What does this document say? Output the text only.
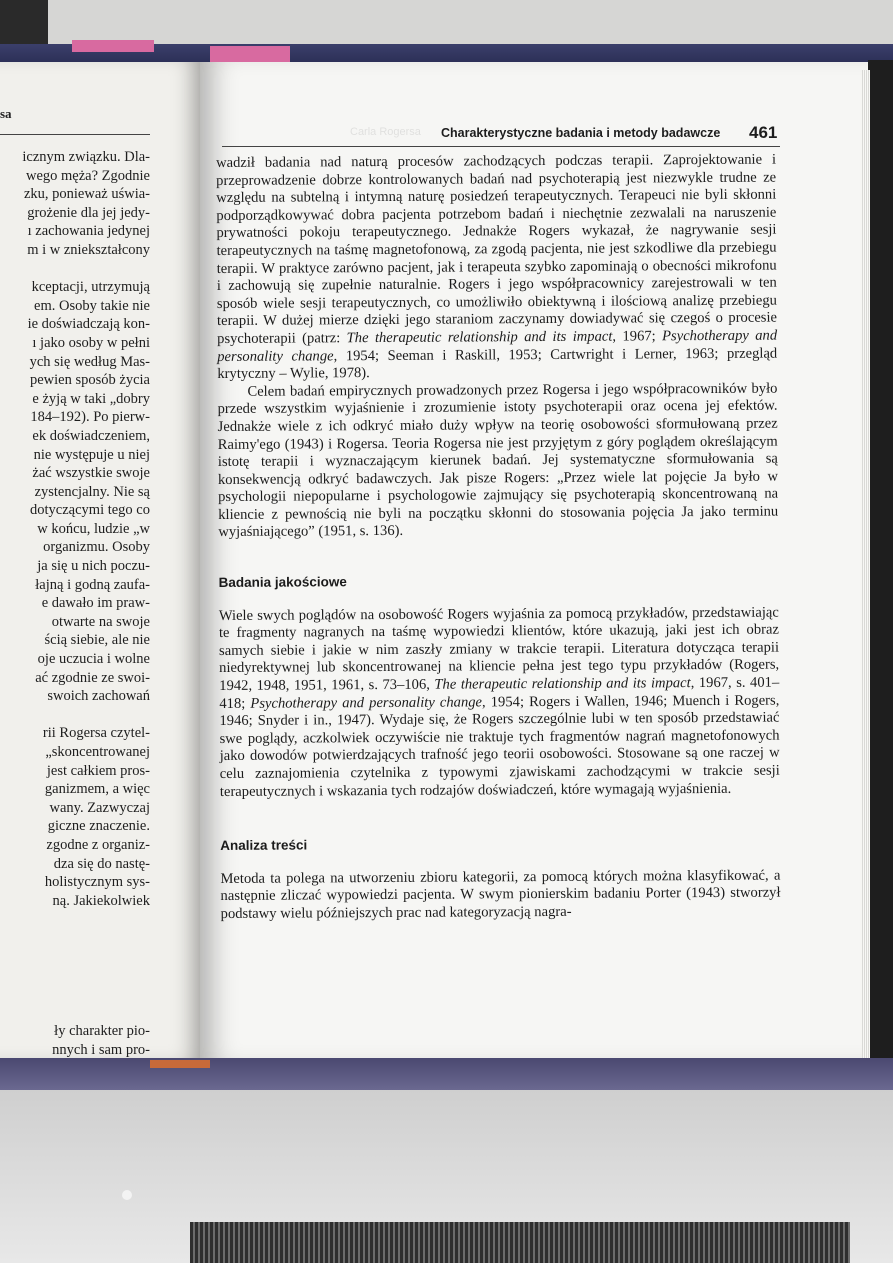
sa
icznym związku. Dla-
wego męża? Zgodnie
zku, ponieważ uświa-
grożenie dla jej jedy-
ı zachowania jedynej
m i w zniekształcony

kceptacji, utrzymują
em. Osoby takie nie
ie doświadczają kon-
ı jako osoby w pełni
ych się według Mas-
pewien sposób życia
e żyją w taki „dobry
184–192). Po pierw-
ek doświadczeniem,
nie występuje u niej
żać wszystkie swoje
zystencjalny. Nie są
dotyczącymi tego co
w końcu, ludzie „w
organizmu. Osoby
ja się u nich poczu-
łajną i godną zaufa-
e dawało im praw-
otwarte na swoje
ścią siebie, ale nie
oje uczucia i wolne
ać zgodnie ze swoi-
swoich zachowań

rii Rogersa czytel-
„skoncentrowanej
jest całkiem pros-
ganizmem, a więc
wany. Zazwyczaj
giczne znaczenie.
zgodne z organiz-
dza się do nastę-
holistycznym sys-
ną. Jakiekolwiek

ły charakter pio-
nnych i sam pro-
Carla Rogersa Charakterystyczne badania i metody badawcze 461

wadził badania nad naturą procesów zachodzących podczas terapii. Zaprojektowanie i przeprowadzenie dobrze kontrolowanych badań nad psychoterapią jest niezwykle trudne ze względu na subtelną i intymną naturę posiedzeń terapeutycznych. Terapeuci nie byli skłonni podporządkowywać dobra pacjenta potrzebom badań i niechętnie zezwalali na naruszenie prywatności pokoju terapeutycznego. Jednakże Rogers wykazał, że nagrywanie sesji terapeutycznych na taśmę magnetofonową, za zgodą pacjenta, nie jest szkodliwe dla przebiegu terapii. W praktyce zarówno pacjent, jak i terapeuta szybko zapominają o obecności mikrofonu i zachowują się zupełnie naturalnie. Rogers i jego współpracownicy zarejestrowali w ten sposób wiele sesji terapeutycznych, co umożliwiło obiektywną i ilościową analizę przebiegu terapii. W dużej mierze dzięki jego staraniom zaczynamy dowiadywać się czegoś o procesie psychoterapii (patrz: The therapeutic relationship and its impact, 1967; Psychotherapy and personality change, 1954; Seeman i Raskill, 1953; Cartwright i Lerner, 1963; przegląd krytyczny – Wylie, 1978).

Celem badań empirycznych prowadzonych przez Rogersa i jego współpracowników było przede wszystkim wyjaśnienie i zrozumienie istoty psychoterapii oraz ocena jej efektów. Jednakże wiele z ich odkryć miało duży wpływ na teorię osobowości sformułowaną przez Raimy'ego (1943) i Rogersa. Teoria Rogersa nie jest przyjętym z góry poglądem określającym istotę terapii i wyznaczającym kierunek badań. Jej systematyczne sformułowania są konsekwencją odkryć badawczych. Jak pisze Rogers: „Przez wiele lat pojęcie Ja było w psychologii niepopularne i psychologowie zajmujący się psychoterapią skoncentrowaną na kliencie z pewnością nie byli na początku skłonni do stosowania pojęcia Ja jako terminu wyjaśniającego” (1951, s. 136).

Badania jakościowe

Wiele swych poglądów na osobowość Rogers wyjaśnia za pomocą przykładów, przedstawiając te fragmenty nagranych na taśmę wypowiedzi klientów, które ukazują, jaki jest ich obraz samych siebie i jakie w nim zaszły zmiany w trakcie terapii. Literatura dotycząca terapii niedyrektywnej lub skoncentrowanej na kliencie pełna jest tego typu przykładów (Rogers, 1942, 1948, 1951, 1961, s. 73–106, The therapeutic relationship and its impact, 1967, s. 401–418; Psychotherapy and personality change, 1954; Rogers i Wallen, 1946; Muench i Rogers, 1946; Snyder i in., 1947). Wydaje się, że Rogers szczególnie lubi w ten sposób przedstawiać swe poglądy, aczkolwiek oczywiście nie traktuje tych fragmentów nagrań magnetofonowych jako dowodów potwierdzających trafność jego teorii osobowości. Stosowane są one raczej w celu zaznajomienia czytelnika z typowymi zjawiskami zachodzącymi w trakcie sesji terapeutycznych i wskazania tych rodzajów doświadczeń, które wymagają wyjaśnienia.

Analiza treści

Metoda ta polega na utworzeniu zbioru kategorii, za pomocą których można klasyfikować, a następnie zliczać wypowiedzi pacjenta. W swym pionierskim badaniu Porter (1943) stworzył podstawy wielu późniejszych prac nad kategoryzacją nagra-
